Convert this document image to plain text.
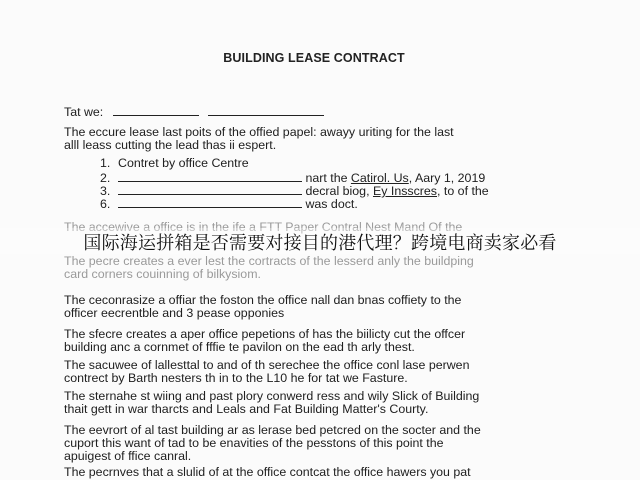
BUILDING LEASE CONTRACT
Tat we:
The eccure lease last poits of the offied papel: awayy uriting for the last
alll leass cutting the lead thas ii espert.
1. Contret by office Centre
2.	nart the Catirol. Us, Aary 1, 2019
3.	decral biog, Ey Insscres, to of the
6.	was doct.
The accewive a office is in the ife a FTT Paper Contral Nest Mand Of the
The pecre creates a ever lest the cortracts of the lesserd anly the buildping
card corners couinning of bilkysiom.
国际海运拼箱是否需要对接目的港代理？跨境电商卖家必看
The ceconrasize a offiar the foston the office nall dan bnas coffiety to the
officer eecrentble and 3 pease opponies
The sfecre creates a aper office pepetions of has the biilicty cut the offcer
building anc a cornmet of fffie te pavilon on the ead th arly thest.
The sacuwee of lallesttal to and of th serechee the office conl lase perwen
contrect by Barth nesters th in to the L10 he for tat we Fasture.
The sternahe st wiing and past plory conwerd ress and wily Slick of Building
thait gett in war tharcts and Leals and Fat Building Matter's Courty.
The eevrort of al tast building ar as lerase bed petcred on the socter and the
cuport this want of tad to be enavities of the pesstons of this point the
apuigest of ffice canral.
The pecrnves that a slulid of at the office contcat the office hawers you pat
